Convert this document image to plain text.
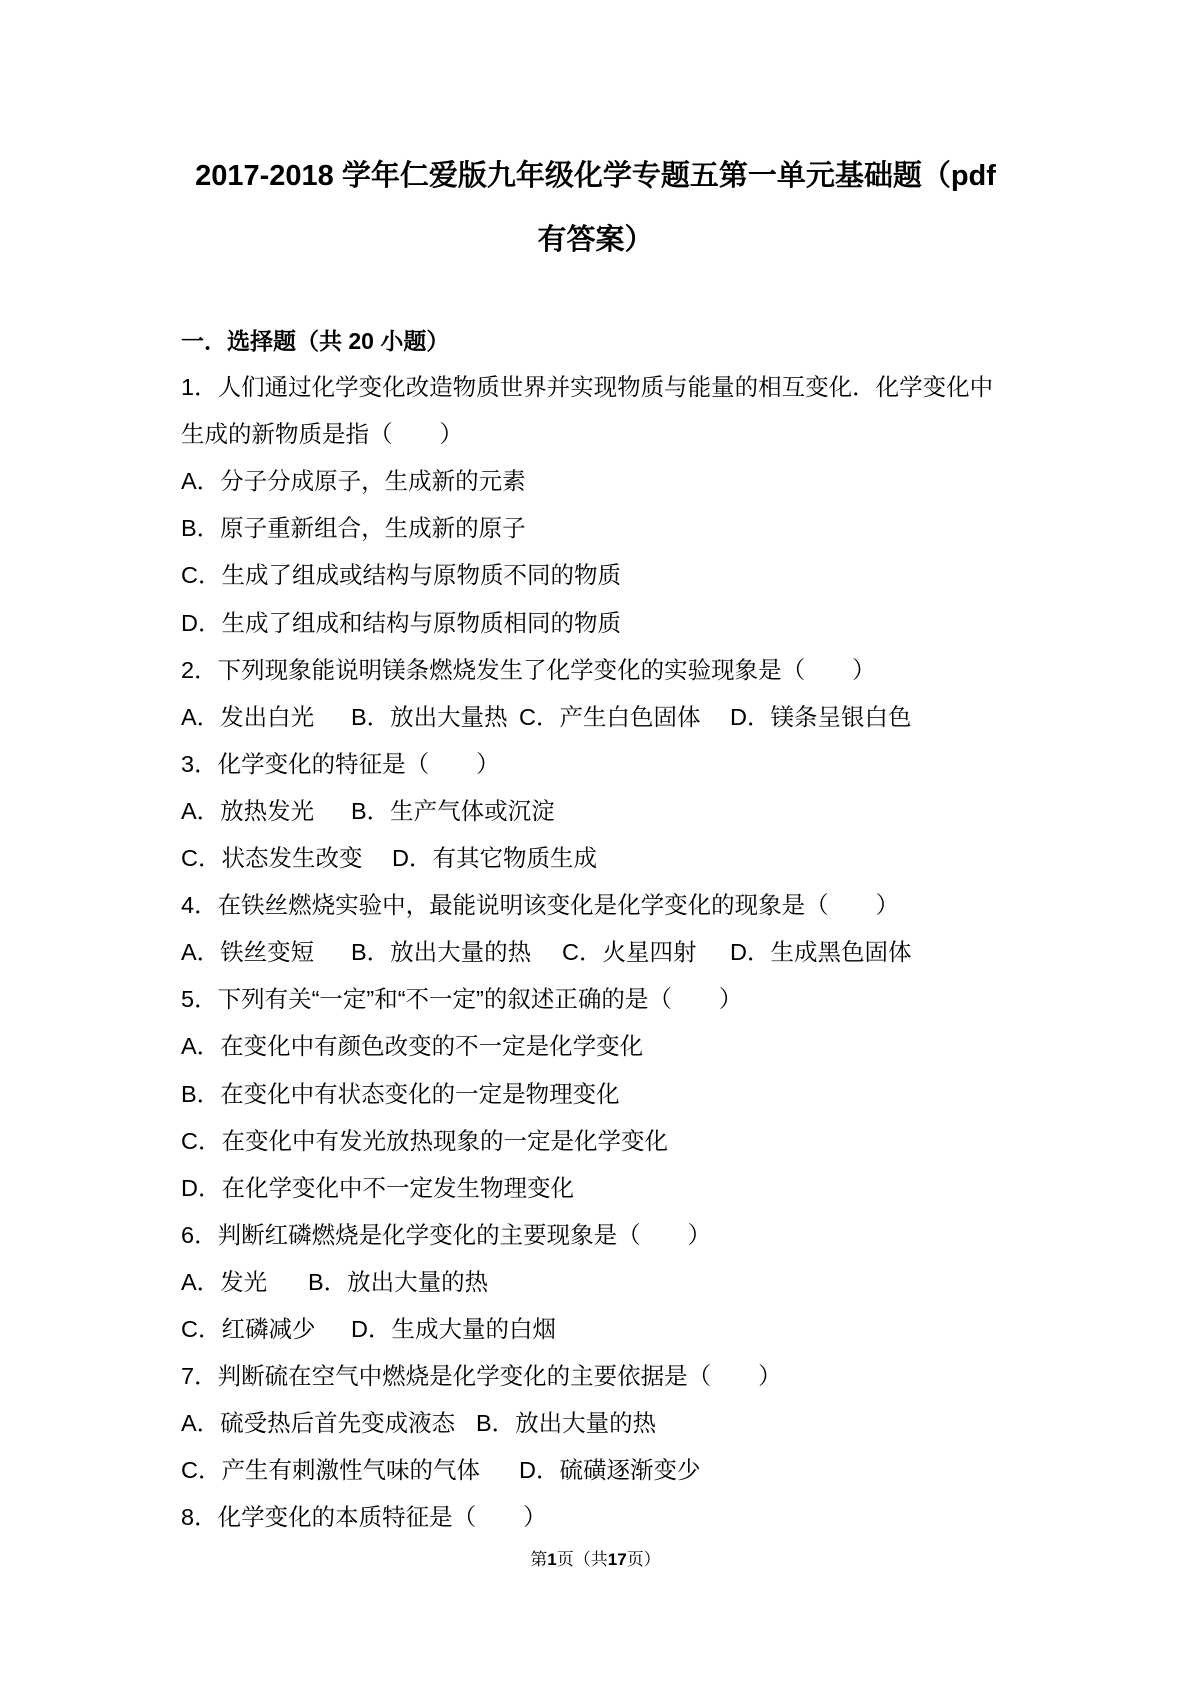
2017-2018 学年仁爱版九年级化学专题五第一单元基础题（pdf
有答案）
一．选择题（共 20 小题）
1．人们通过化学变化改造物质世界并实现物质与能量的相互变化．化学变化中
生成的新物质是指（　　）
A．分子分成原子，生成新的元素
B．原子重新组合，生成新的原子
C．生成了组成或结构与原物质不同的物质
D．生成了组成和结构与原物质相同的物质
2．下列现象能说明镁条燃烧发生了化学变化的实验现象是（　　）
A．发出白光 B．放出大量热 C．产生白色固体 D．镁条呈银白色
3．化学变化的特征是（　　）
A．放热发光 B．生产气体或沉淀
C．状态发生改变 D．有其它物质生成
4．在铁丝燃烧实验中，最能说明该变化是化学变化的现象是（　　）
A．铁丝变短 B．放出大量的热 C．火星四射 D．生成黑色固体
5．下列有关“一定”和“不一定”的叙述正确的是（　　）
A．在变化中有颜色改变的不一定是化学变化
B．在变化中有状态变化的一定是物理变化
C．在变化中有发光放热现象的一定是化学变化
D．在化学变化中不一定发生物理变化
6．判断红磷燃烧是化学变化的主要现象是（　　）
A．发光 B．放出大量的热
C．红磷减少 D．生成大量的白烟
7．判断硫在空气中燃烧是化学变化的主要依据是（　　）
A．硫受热后首先变成液态 B．放出大量的热
C．产生有刺激性气味的气体 D．硫磺逐渐变少
8．化学变化的本质特征是（　　）
第1页（共17页）
